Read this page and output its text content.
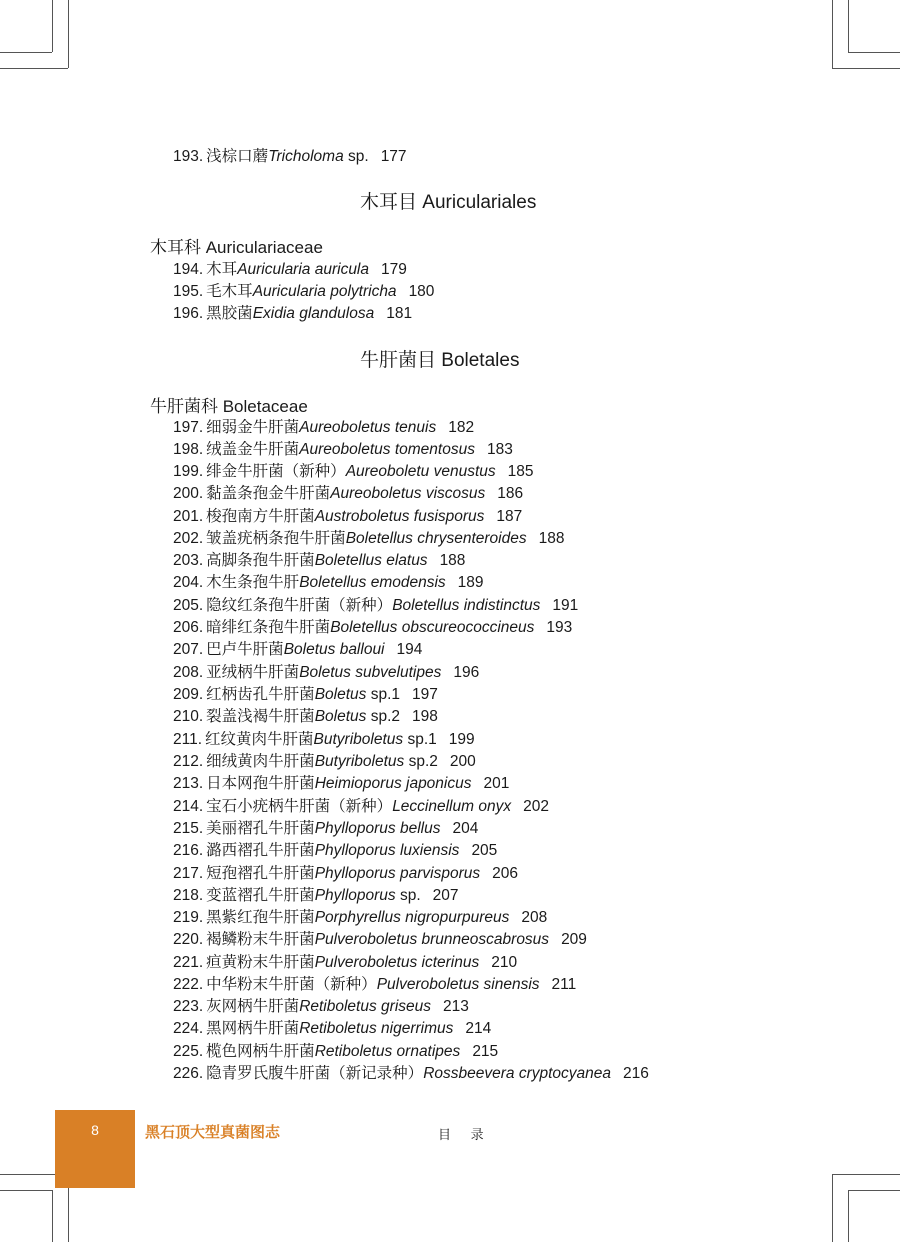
193. 浅棕口蘑Tricholoma sp. 177
木耳目 Auriculariales
木耳科 Auriculariaceae
194. 木耳Auricularia auricula 179
195. 毛木耳Auricularia polytricha 180
196. 黑胶菌Exidia glandulosa 181
牛肝菌目 Boletales
牛肝菌科 Boletaceae
197. 细弱金牛肝菌Aureoboletus tenuis 182
198. 绒盖金牛肝菌Aureoboletus tomentosus 183
199. 绯金牛肝菌（新种）Aureoboletu venustus 185
200. 黏盖条孢金牛肝菌Aureoboletus viscosus 186
201. 梭孢南方牛肝菌Austroboletus fusisporus 187
202. 皱盖疣柄条孢牛肝菌Boletellus chrysenteroides 188
203. 高脚条孢牛肝菌Boletellus elatus 188
204. 木生条孢牛肝Boletellus emodensis 189
205. 隐纹红条孢牛肝菌（新种）Boletellus indistinctus 191
206. 暗绯红条孢牛肝菌Boletellus obscureococcineus 193
207. 巴卢牛肝菌Boletus balloui 194
208. 亚绒柄牛肝菌Boletus subvelutipes 196
209. 红柄齿孔牛肝菌Boletus sp.1 197
210. 裂盖浅褐牛肝菌Boletus sp.2 198
211. 红纹黄肉牛肝菌Butyriboletus sp.1 199
212. 细绒黄肉牛肝菌Butyriboletus sp.2 200
213. 日本网孢牛肝菌Heimioporus japonicus 201
214. 宝石小疣柄牛肝菌（新种）Leccinellum onyx 202
215. 美丽褶孔牛肝菌Phylloporus bellus 204
216. 潞西褶孔牛肝菌Phylloporus luxiensis 205
217. 短孢褶孔牛肝菌Phylloporus parvisporus 206
218. 变蓝褶孔牛肝菌Phylloporus sp. 207
219. 黑紫红孢牛肝菌Porphyrellus nigropurpureus 208
220. 褐鳞粉末牛肝菌Pulveroboletus brunneoscabrosus 209
221. 疸黄粉末牛肝菌Pulveroboletus icterinus 210
222. 中华粉末牛肝菌（新种）Pulveroboletus sinensis 211
223. 灰网柄牛肝菌Retiboletus griseus 213
224. 黑网柄牛肝菌Retiboletus nigerrimus 214
225. 榄色网柄牛肝菌Retiboletus ornatipes 215
226. 隐青罗氏腹牛肝菌（新记录种）Rossbeevera cryptocyanea 216
8	黑石顶大型真菌图志	目 录
